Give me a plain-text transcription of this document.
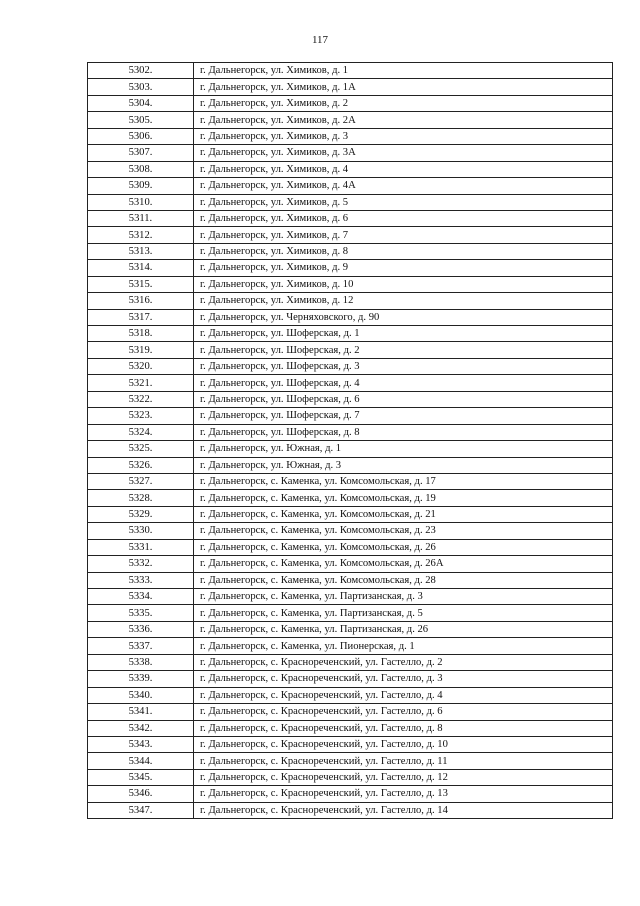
117
5302.	г. Дальнегорск, ул. Химиков, д. 1
5303.	г. Дальнегорск, ул. Химиков, д. 1А
5304.	г. Дальнегорск, ул. Химиков, д. 2
5305.	г. Дальнегорск, ул. Химиков, д. 2А
5306.	г. Дальнегорск, ул. Химиков, д. 3
5307.	г. Дальнегорск, ул. Химиков, д. 3А
5308.	г. Дальнегорск, ул. Химиков, д. 4
5309.	г. Дальнегорск, ул. Химиков, д. 4А
5310.	г. Дальнегорск, ул. Химиков, д. 5
5311.	г. Дальнегорск, ул. Химиков, д. 6
5312.	г. Дальнегорск, ул. Химиков, д. 7
5313.	г. Дальнегорск, ул. Химиков, д. 8
5314.	г. Дальнегорск, ул. Химиков, д. 9
5315.	г. Дальнегорск, ул. Химиков, д. 10
5316.	г. Дальнегорск, ул. Химиков, д. 12
5317.	г. Дальнегорск, ул. Черняховского, д. 90
5318.	г. Дальнегорск, ул. Шоферская, д. 1
5319.	г. Дальнегорск, ул. Шоферская, д. 2
5320.	г. Дальнегорск, ул. Шоферская, д. 3
5321.	г. Дальнегорск, ул. Шоферская, д. 4
5322.	г. Дальнегорск, ул. Шоферская, д. 6
5323.	г. Дальнегорск, ул. Шоферская, д. 7
5324.	г. Дальнегорск, ул. Шоферская, д. 8
5325.	г. Дальнегорск, ул. Южная, д. 1
5326.	г. Дальнегорск, ул. Южная, д. 3
5327.	г. Дальнегорск, с. Каменка, ул. Комсомольская, д. 17
5328.	г. Дальнегорск, с. Каменка, ул. Комсомольская, д. 19
5329.	г. Дальнегорск, с. Каменка, ул. Комсомольская, д. 21
5330.	г. Дальнегорск, с. Каменка, ул. Комсомольская, д. 23
5331.	г. Дальнегорск, с. Каменка, ул. Комсомольская, д. 26
5332.	г. Дальнегорск, с. Каменка, ул. Комсомольская, д. 26А
5333.	г. Дальнегорск, с. Каменка, ул. Комсомольская, д. 28
5334.	г. Дальнегорск, с. Каменка, ул. Партизанская, д. 3
5335.	г. Дальнегорск, с. Каменка, ул. Партизанская, д. 5
5336.	г. Дальнегорск, с. Каменка, ул. Партизанская, д. 26
5337.	г. Дальнегорск, с. Каменка, ул. Пионерская, д. 1
5338.	г. Дальнегорск, с. Краснореченский, ул. Гастелло, д. 2
5339.	г. Дальнегорск, с. Краснореченский, ул. Гастелло, д. 3
5340.	г. Дальнегорск, с. Краснореченский, ул. Гастелло, д. 4
5341.	г. Дальнегорск, с. Краснореченский, ул. Гастелло, д. 6
5342.	г. Дальнегорск, с. Краснореченский, ул. Гастелло, д. 8
5343.	г. Дальнегорск, с. Краснореченский, ул. Гастелло, д. 10
5344.	г. Дальнегорск, с. Краснореченский, ул. Гастелло, д. 11
5345.	г. Дальнегорск, с. Краснореченский, ул. Гастелло, д. 12
5346.	г. Дальнегорск, с. Краснореченский, ул. Гастелло, д. 13
5347.	г. Дальнегорск, с. Краснореченский, ул. Гастелло, д. 14
